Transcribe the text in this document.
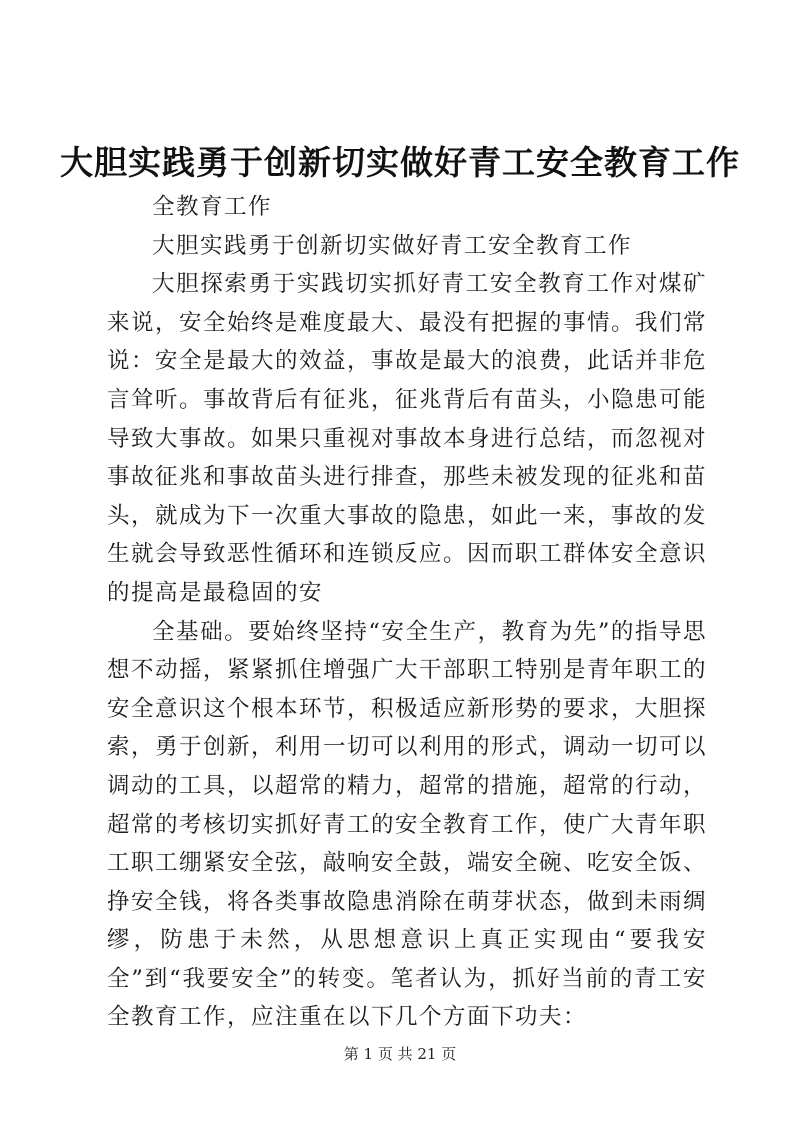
大胆实践勇于创新切实做好青工安全教育工作

全教育工作

大胆实践勇于创新切实做好青工安全教育工作

大胆探索勇于实践切实抓好青工安全教育工作对煤矿来说，安全始终是难度最大、最没有把握的事情。我们常说：安全是最大的效益，事故是最大的浪费，此话并非危言耸听。事故背后有征兆，征兆背后有苗头，小隐患可能导致大事故。如果只重视对事故本身进行总结，而忽视对事故征兆和事故苗头进行排查，那些未被发现的征兆和苗头，就成为下一次重大事故的隐患，如此一来，事故的发生就会导致恶性循环和连锁反应。因而职工群体安全意识的提高是最稳固的安

全基础。要始终坚持“安全生产，教育为先”的指导思想不动摇，紧紧抓住增强广大干部职工特别是青年职工的安全意识这个根本环节，积极适应新形势的要求，大胆探索，勇于创新，利用一切可以利用的形式，调动一切可以调动的工具，以超常的精力，超常的措施，超常的行动，超常的考核切实抓好青工的安全教育工作，使广大青年职工职工绷紧安全弦，敲响安全鼓，端安全碗、吃安全饭、挣安全钱，将各类事故隐患消除在萌芽状态，做到未雨绸缪，防患于未然，从思想意识上真正实现由“要我安全”到“我要安全”的转变。笔者认为，抓好当前的青工安全教育工作，应注重在以下几个方面下功夫：

第 1 页 共 21 页
